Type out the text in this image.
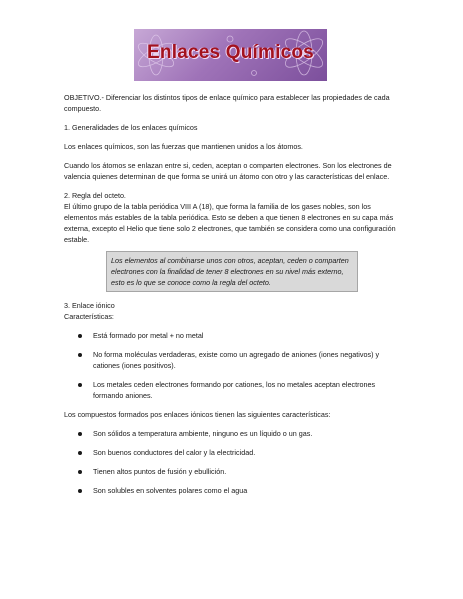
Enlaces Químicos

OBJETIVO.- Diferenciar los distintos tipos de enlace químico para establecer las propiedades de cada compuesto.

1. Generalidades de los enlaces químicos

Los enlaces químicos, son las fuerzas que mantienen unidos a los átomos.

Cuando los átomos se enlazan entre si, ceden, aceptan o comparten electrones. Son los electrones de valencia quienes determinan de que forma se unirá un átomo con otro y las características del enlace.

2. Regla del octeto.

El último grupo de la tabla periódica VIII A (18), que forma la familia de los gases nobles, son los elementos más estables de la tabla periódica. Esto se deben a que tienen 8 electrones en su capa más externa, excepto el Helio que tiene solo 2 electrones, que también se considera como una configuración estable.

Los elementos al combinarse unos con otros, aceptan, ceden o comparten electrones con la finalidad de tener 8 electrones en su nivel más externo, esto es lo que se conoce como la regla del octeto.

3. Enlace iónico

Características:

Está formado por metal + no metal
No forma moléculas verdaderas, existe como un agregado de aniones (iones negativos) y cationes (iones positivos).
Los metales ceden electrones formando por cationes, los no metales aceptan electrones formando aniones.

Los compuestos formados pos enlaces iónicos tienen las siguientes características:

Son sólidos a temperatura ambiente, ninguno es un líquido o un gas.
Son buenos conductores del calor y la electricidad.
Tienen altos puntos de fusión y ebullición.
Son solubles en solventes polares como el agua
